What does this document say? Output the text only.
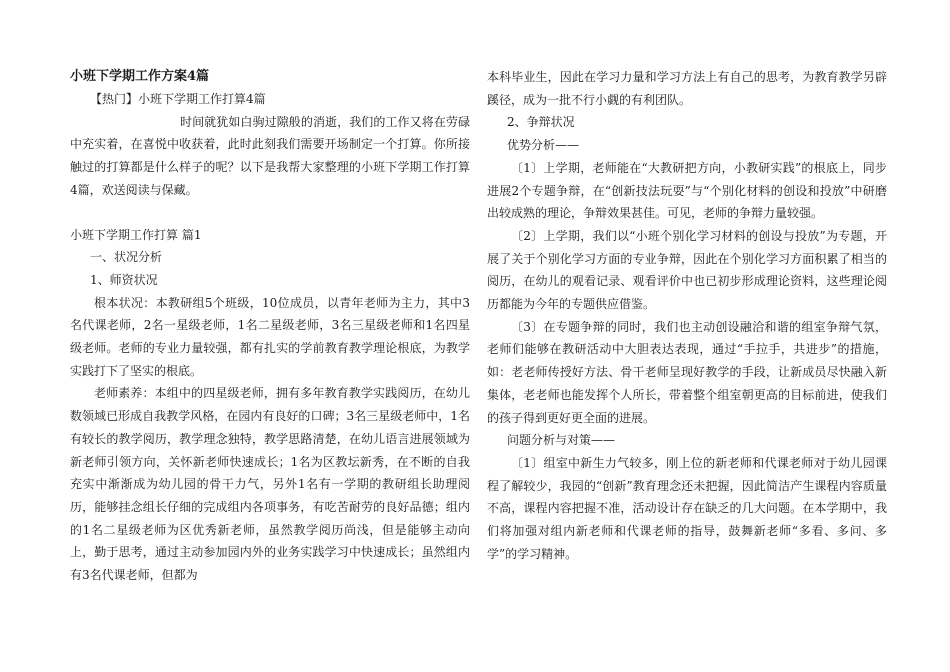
小班下学期工作方案4篇

【热门】小班下学期工作打算4篇

时间就犹如白驹过隙般的消逝，我们的工作又将在劳碌中充实着，在喜悦中收获着，此时此刻我们需要开场制定一个打算。你所接触过的打算都是什么样子的呢？以下是我帮大家整理的小班下学期工作打算4篇，欢送阅读与保藏。

小班下学期工作打算 篇1

一、状况分析

1、师资状况

根本状况：本教研组5个班级，10位成员，以青年老师为主力，其中3名代课老师，2名一星级老师，1名二星级老师，3名三星级老师和1名四星级老师。老师的专业力量较强，都有扎实的学前教育教学理论根底，为教学实践打下了坚实的根底。

老师素养：本组中的四星级老师，拥有多年教育教学实践阅历，在幼儿数领域已形成自我教学风格，在园内有良好的口碑；3名三星级老师中，1名有较长的教学阅历，教学理念独特，教学思路清楚，在幼儿语言进展领域为新老师引领方向，关怀新老师快速成长；1名为区教坛新秀，在不断的自我充实中渐渐成为幼儿园的骨干力气，另外1名有一学期的教研组长助理阅历，能够挂念组长仔细的完成组内各项事务，有吃苦耐劳的良好品德；组内的1名二星级老师为区优秀新老师，虽然教学阅历尚浅，但是能够主动向上，勤于思考，通过主动参加园内外的业务实践学习中快速成长；虽然组内有3名代课老师，但都为

本科毕业生，因此在学习力量和学习方法上有自己的思考，为教育教学另辟蹊径，成为一批不行小觑的有利团队。

2、争辩状况

优势分析——

〔1〕上学期，老师能在“大教研把方向，小教研实践”的根底上，同步进展2个专题争辩，在“创新技法玩耍”与“个别化材料的创设和投放”中研磨出较成熟的理论，争辩效果甚佳。可见，老师的争辩力量较强。

〔2〕上学期，我们以“小班个别化学习材料的创设与投放”为专题，开展了关于个别化学习方面的专业争辩，因此在个别化学习方面积累了相当的阅历，在幼儿的观看记录、观看评价中也已初步形成理论资料，这些理论阅历都能为今年的专题供应借鉴。

〔3〕在专题争辩的同时，我们也主动创设融洽和谐的组室争辩气氛，老师们能够在教研活动中大胆表达表现，通过“手拉手，共进步”的措施，如：老老师传授好方法、骨干老师呈现好教学的手段，让新成员尽快融入新集体，老老师也能发挥个人所长，带着整个组室朝更高的目标前进，使我们的孩子得到更好更全面的进展。

问题分析与对策——

〔1〕组室中新生力气较多，刚上位的新老师和代课老师对于幼儿园课程了解较少，我园的“创新”教育理念还未把握，因此简洁产生课程内容质量不高，课程内容把握不准，活动设计存在缺乏的几大问题。在本学期中，我们将加强对组内新老师和代课老师的指导，鼓舞新老师“多看、多问、多学”的学习精神。
